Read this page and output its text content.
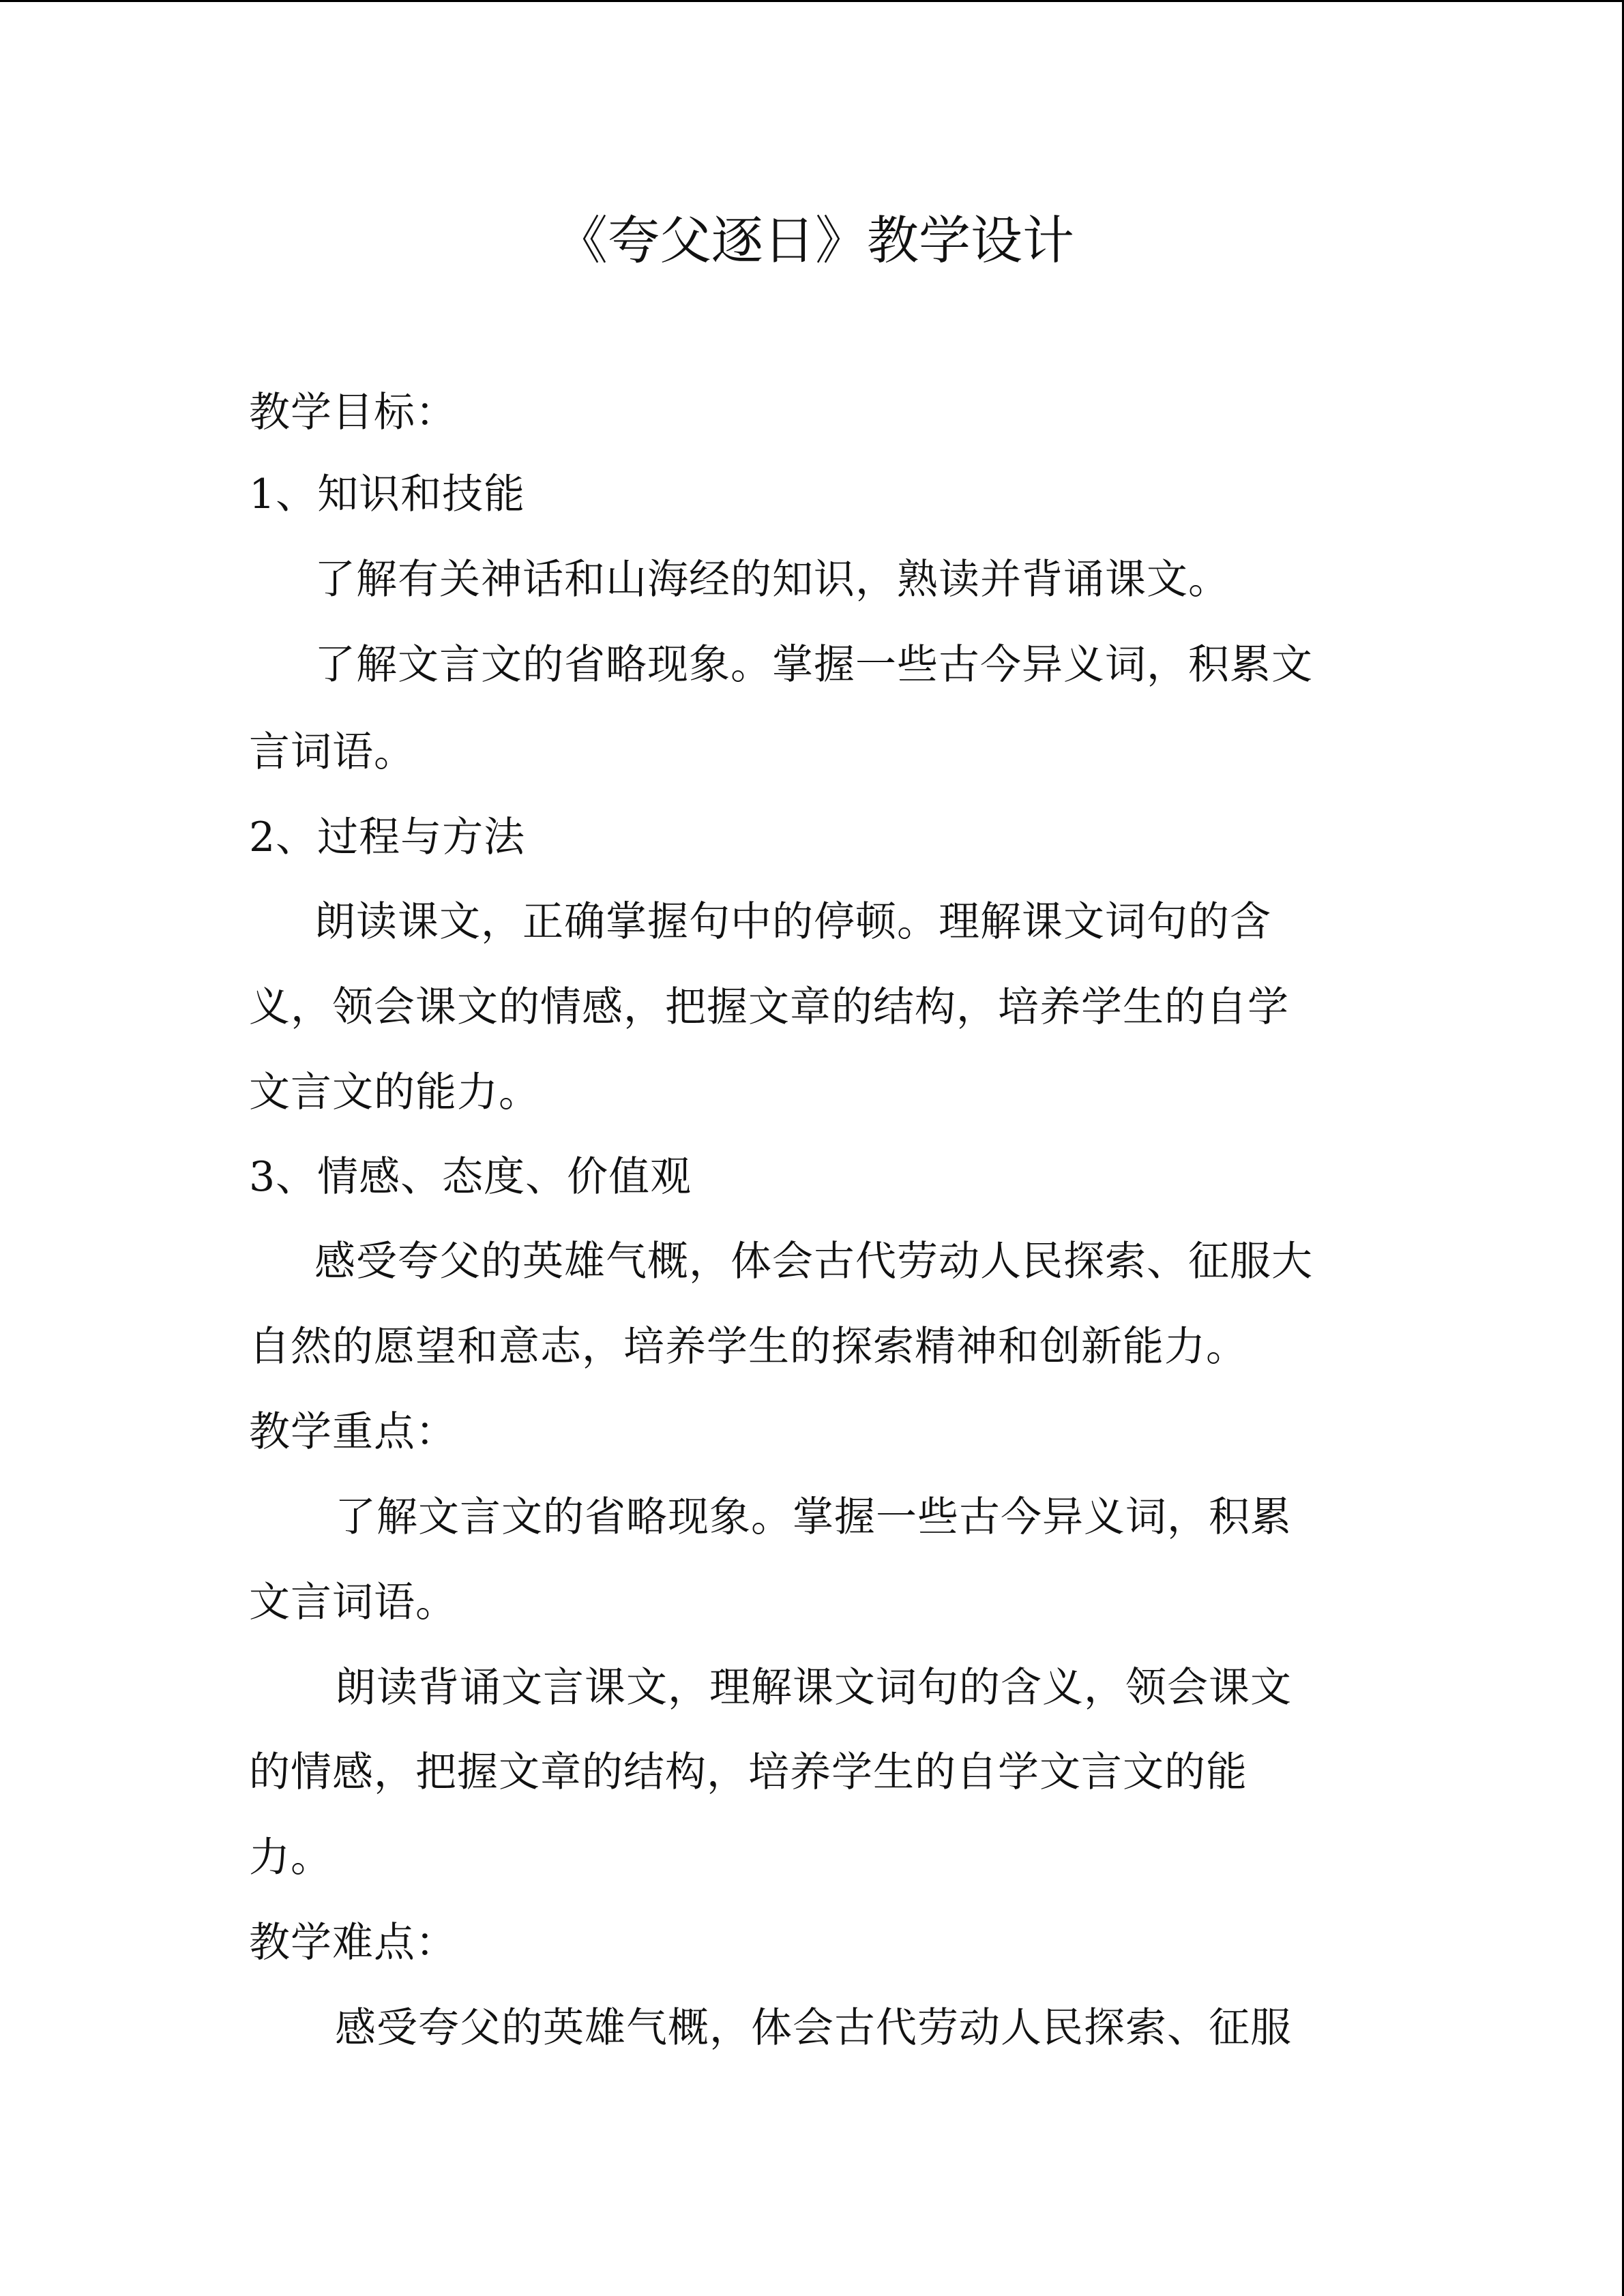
《夸父逐日》教学设计
教学目标：
1、知识和技能
了解有关神话和山海经的知识，熟读并背诵课文。
了解文言文的省略现象。掌握一些古今异义词，积累文
言词语。
2、过程与方法
朗读课文，正确掌握句中的停顿。理解课文词句的含
义，领会课文的情感，把握文章的结构，培养学生的自学
文言文的能力。
3、情感、态度、价值观
感受夸父的英雄气概，体会古代劳动人民探索、征服大
自然的愿望和意志，培养学生的探索精神和创新能力。
教学重点：
了解文言文的省略现象。掌握一些古今异义词，积累
文言词语。
朗读背诵文言课文，理解课文词句的含义，领会课文
的情感，把握文章的结构，培养学生的自学文言文的能
力。
教学难点：
感受夸父的英雄气概，体会古代劳动人民探索、征服
